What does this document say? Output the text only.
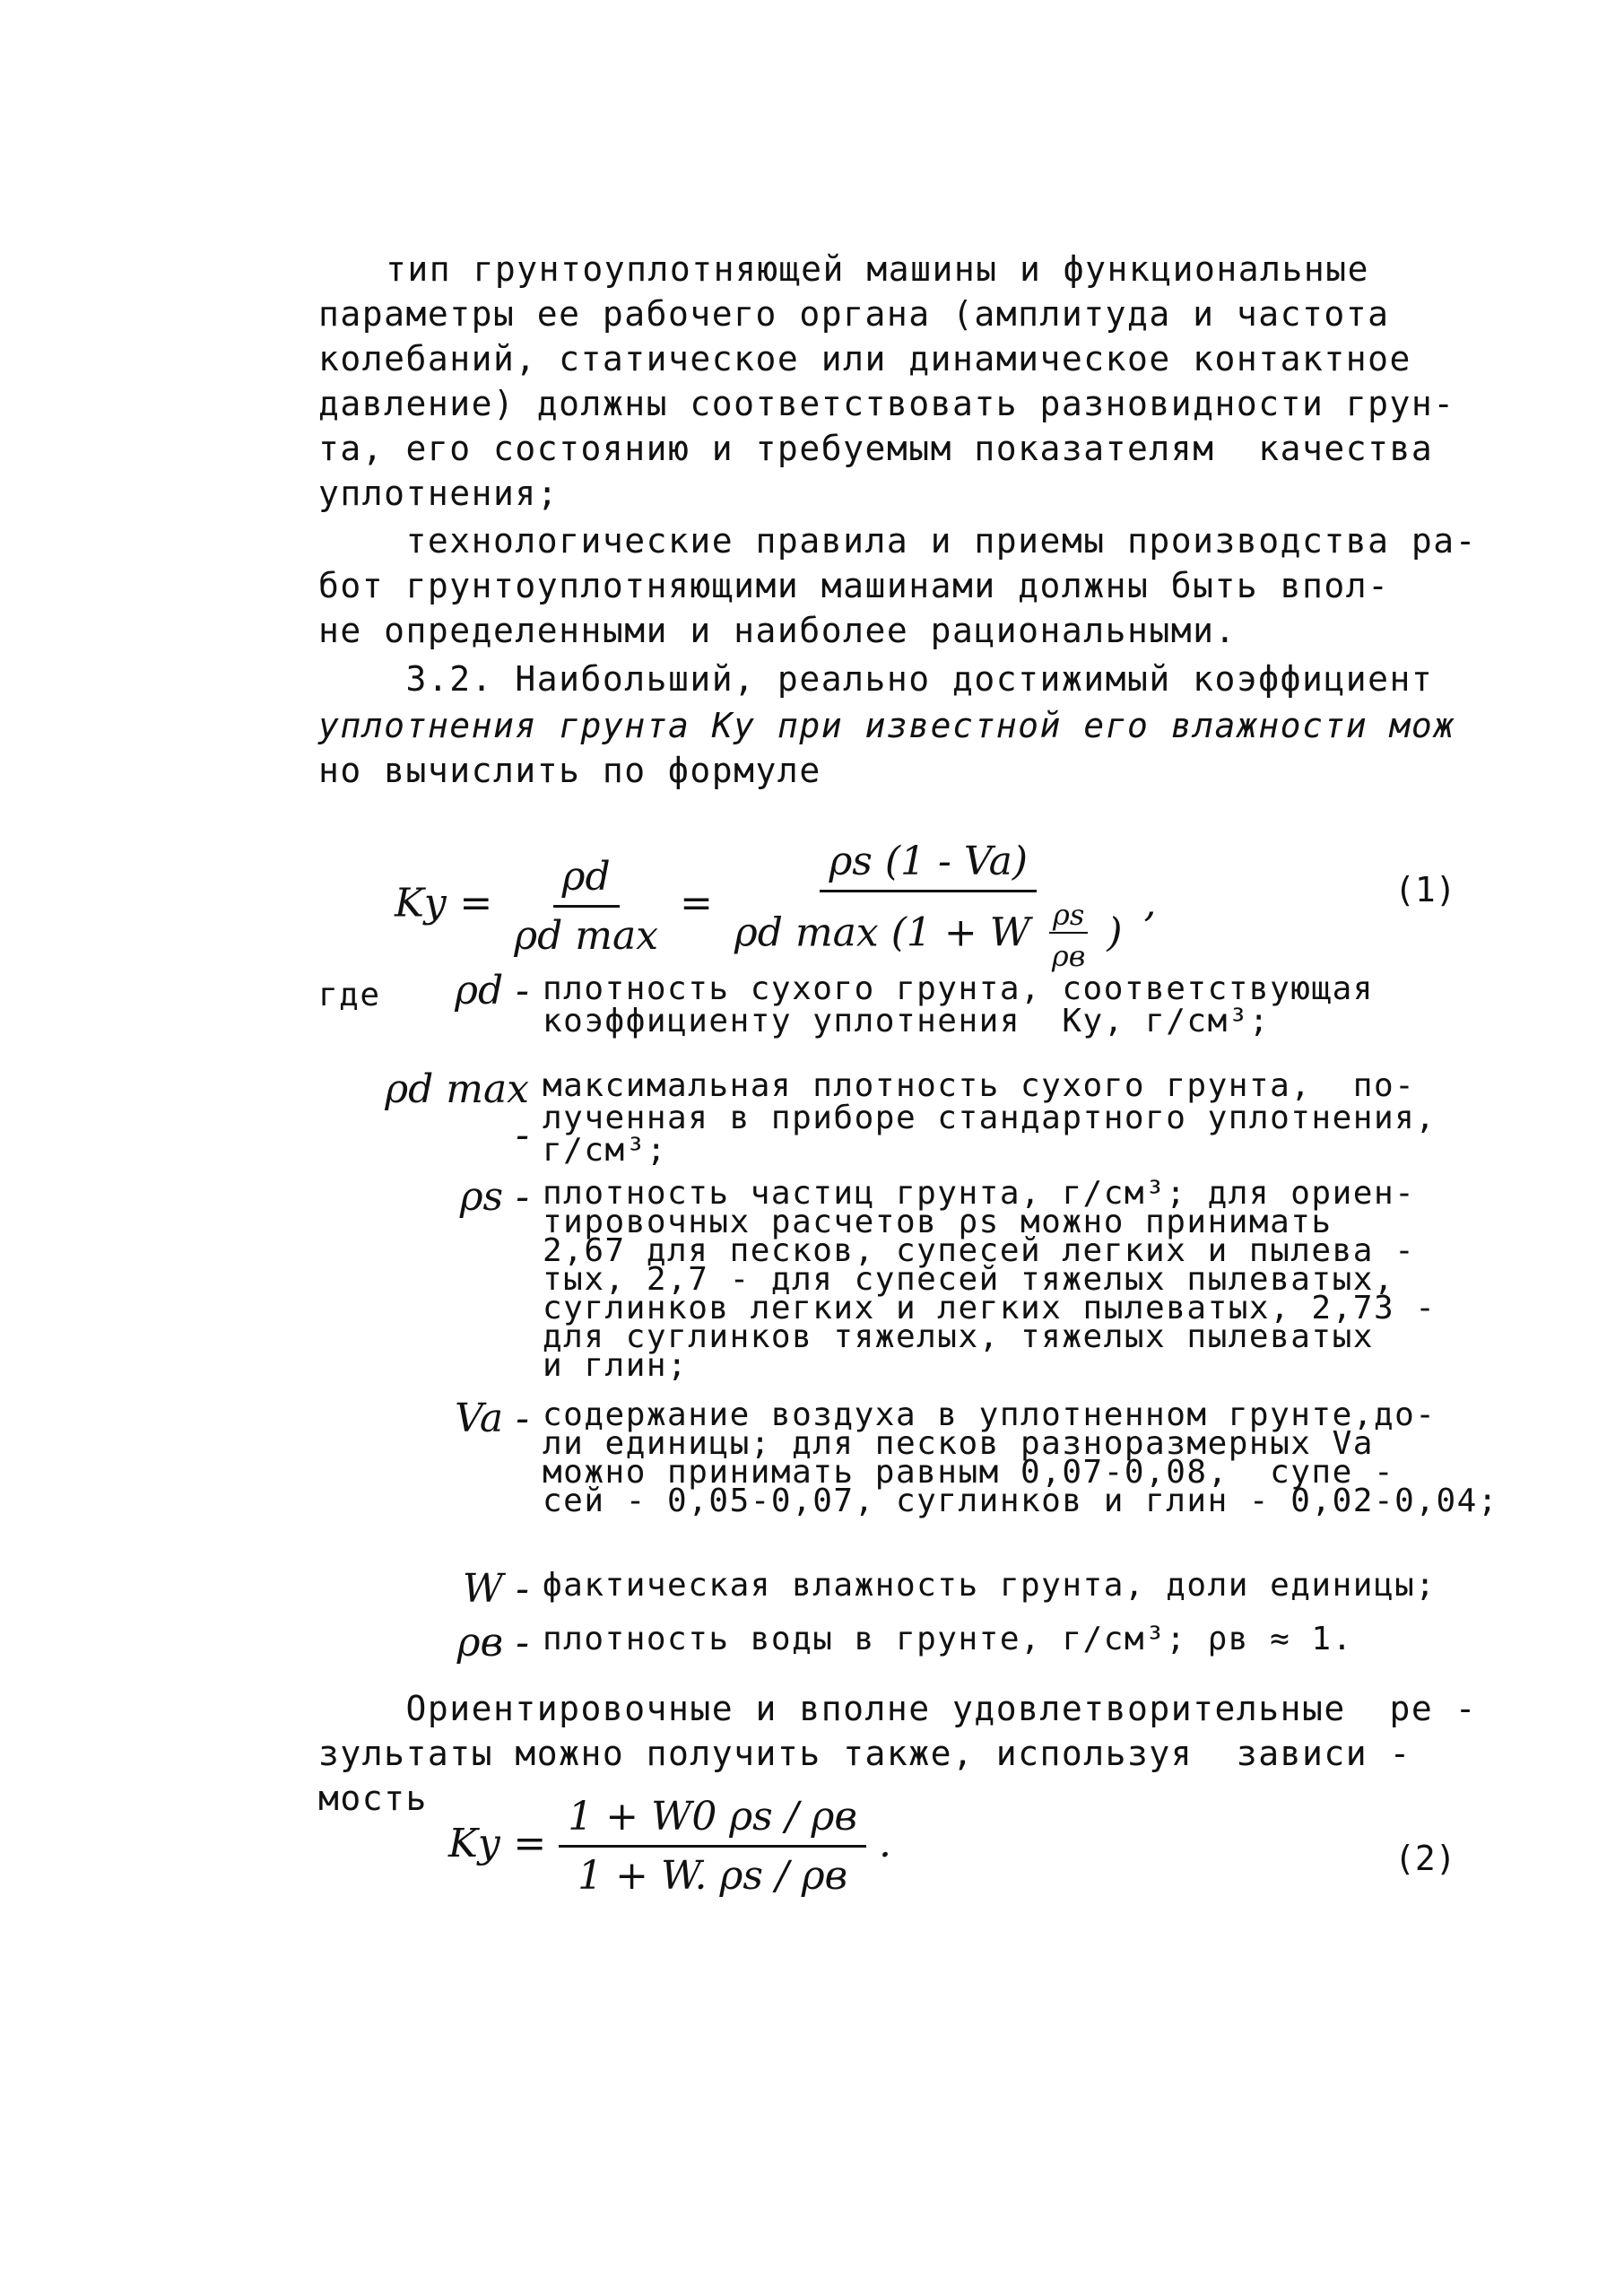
тип грунтоуплотняющей машины и функциональные
параметры ее рабочего органа (амплитуда и частота
колебаний, статическое или динамическое контактное
давление) должны соответствовать разновидности грун-
та, его состоянию и требуемым показателям  качества
уплотнения;
технологические правила и приемы производства ра-
бот грунтоуплотняющими машинами должны быть впол-
не определенными и наиболее рациональными.
3.2. Наибольший, реально достижимый коэффициент
уплотнения грунта Kу при известной его влажности мож
но вычислить по формуле
Kу = $\frac{\rho d}{\text{ρd max}}$ =
ρs (1 - Va)
ρd max (1 + W $\frac{\rho s}{\rho в}$ )
,	(1)
где	ρd - плотность сухого грунта, соответствующая
коэффициенту уплотнения  Kу, г/см³;
ρd max -
максимальная плотность сухого грунта,  по-
лученная в приборе стандартного уплотнения,
г/см³;
ρs - плотность частиц грунта, г/см³; для ориен-
тировочных расчетов ρs можно принимать
2,67 для песков, супесей легких и пылева -
тых, 2,7 - для супесей тяжелых пылеватых,
суглинков легких и легких пылеватых, 2,73 -
для суглинков тяжелых, тяжелых пылеватых
и глин;
Va - содержание воздуха в уплотненном грунте,до-
ли единицы; для песков разноразмерных Va
можно принимать равным 0,07-0,08,  супе -
сей - 0,05-0,07, суглинков и глин - 0,02-0,04;
W - фактическая влажность грунта, доли единицы;
ρв - плотность воды в грунте, г/см³; ρв ≈ 1.
Ориентировочные и вполне удовлетворительные  ре -
зультаты можно получить также, используя  зависи -
мость
Kу = $\frac{1 + W0 \rho s / \rho в}{1 + W. \rho s / \rho в}$ .	(2)
